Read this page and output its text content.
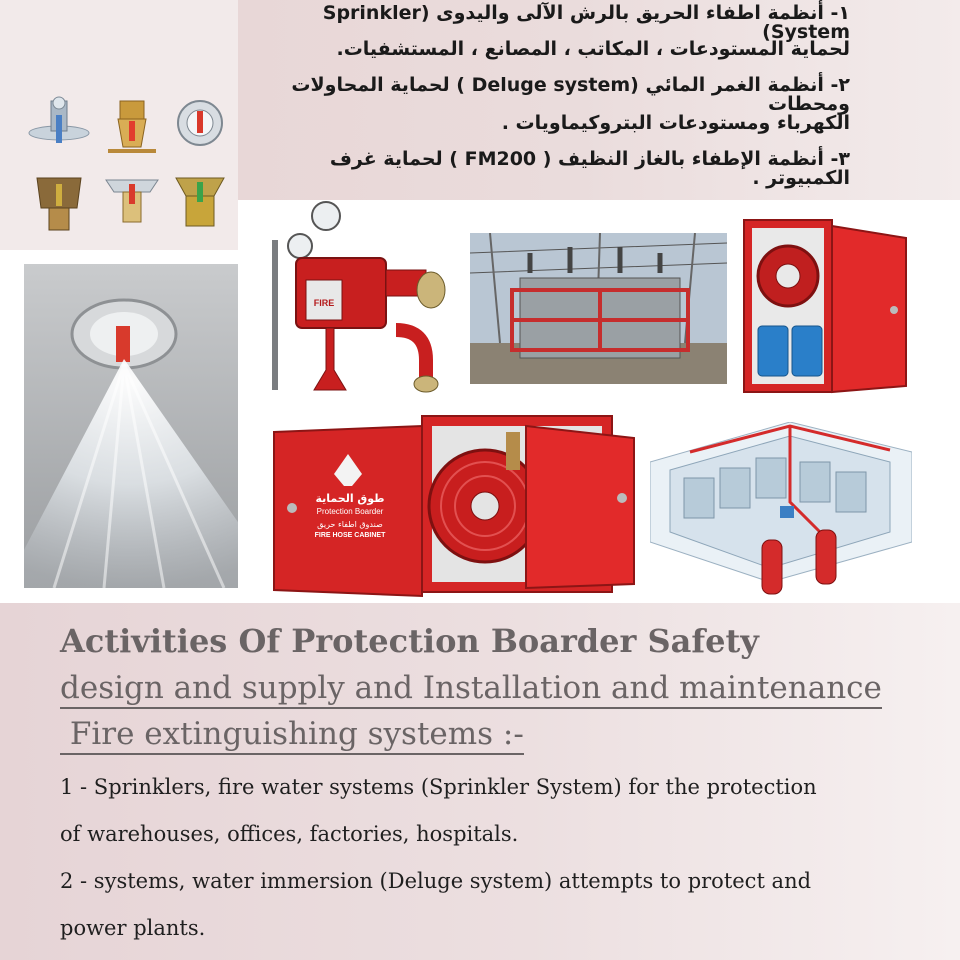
١- أنظمة اطفاء الحريق بالرش الآلى واليدوى (Sprinkler System)
لحماية المستودعات ، المكاتب ، المصانع ، المستشفيات.
٢- أنظمة الغمر المائي (Deluge system ) لحماية المحاولات ومحطات
الكهرباء ومستودعات البتروكيماويات .
٣- أنظمة الإطفاء بالغاز النظيف ( FM200 ) لحماية غرف الكمبيوتر .
FIRE
طوق الحماية
Protection Boarder
صندوق اطفاء حريق
FIRE HOSE CABINET
Activities Of Protection Boarder Safety
design and supply and Installation and maintenance
Fire extinguishing systems :-
1 - Sprinklers, fire water systems (Sprinkler System) for the protection
of warehouses, offices, factories, hospitals.
2 - systems, water immersion (Deluge system) attempts to protect and
power plants.
